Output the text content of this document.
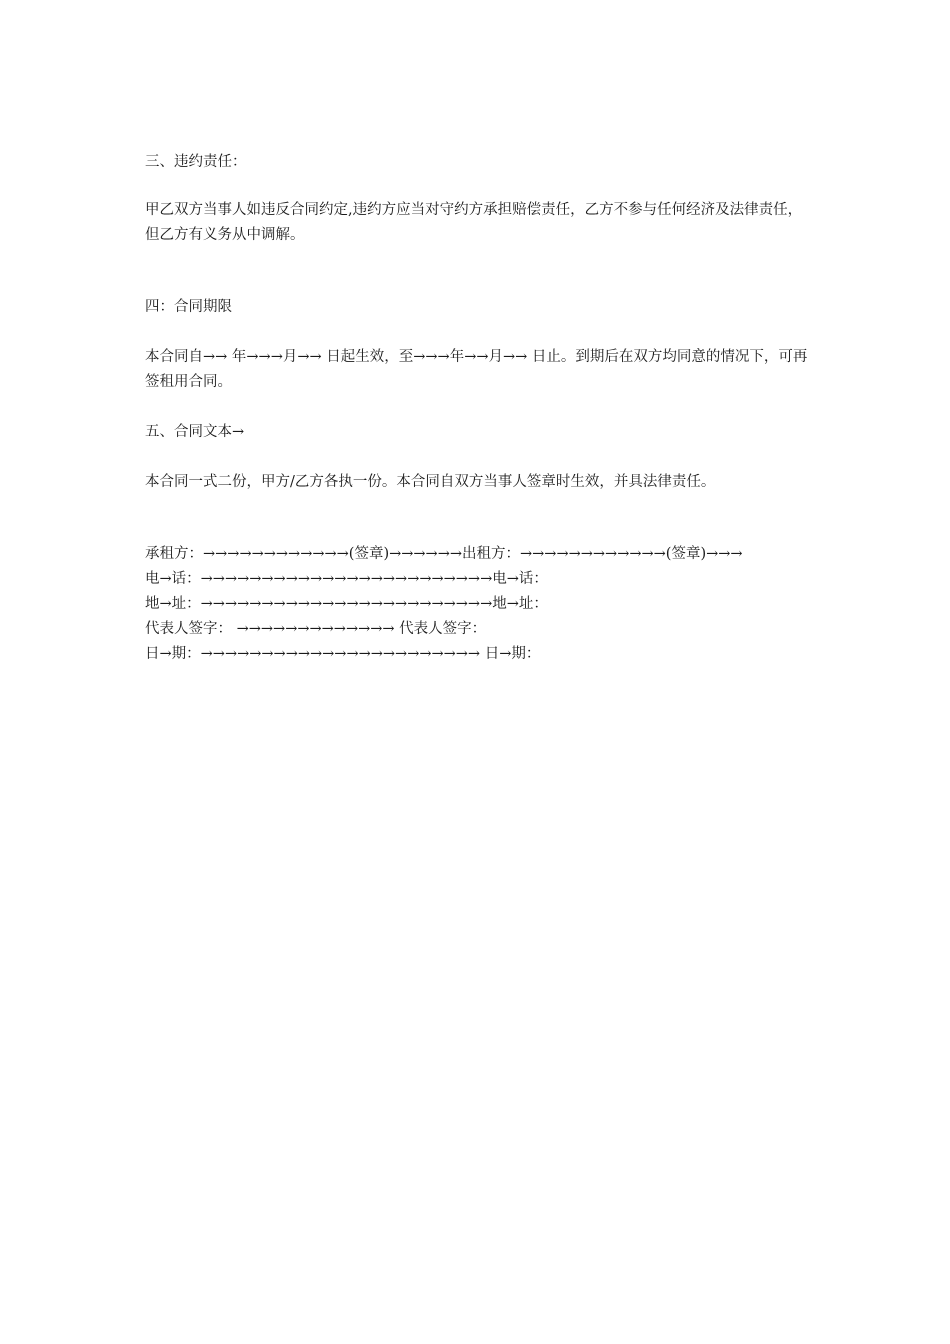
三、违约责任：

甲乙双方当事人如违反合同约定,违约方应当对守约方承担赔偿责任，乙方不参与任何经济及法律责任，但乙方有义务从中调解。

四：合同期限

本合同自→→ 年→→→月→→ 日起生效，至→→→年→→月→→ 日止。到期后在双方均同意的情况下，可再签租用合同。

五、合同文本→

本合同一式二份，甲方/乙方各执一份。本合同自双方当事人签章时生效，并具法律责任。

承租方：→→→→→→→→→→→→(签章)→→→→→→出租方：→→→→→→→→→→→→(签章)→→→

电→话：→→→→→→→→→→→→→→→→→→→→→→→→电→话：

地→址：→→→→→→→→→→→→→→→→→→→→→→→→地→址：

代表人签字： →→→→→→→→→→→→→ 代表人签字：

日→期：→→→→→→→→→→→→→→→→→→→→→→→ 日→期：
